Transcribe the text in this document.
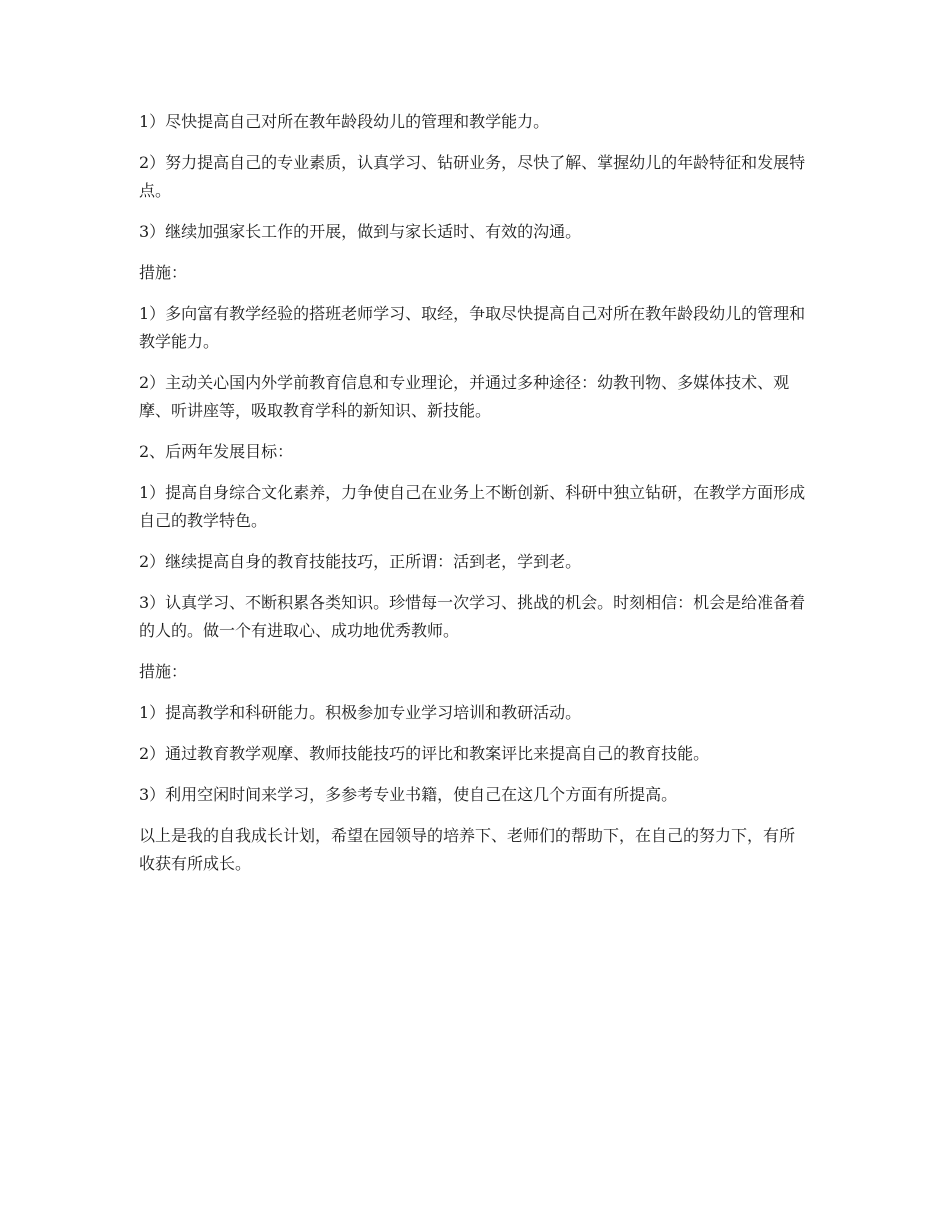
1）尽快提高自己对所在教年龄段幼儿的管理和教学能力。

2）努力提高自己的专业素质，认真学习、钻研业务，尽快了解、掌握幼儿的年龄特征和发展特点。

3）继续加强家长工作的开展，做到与家长适时、有效的沟通。

措施：

1）多向富有教学经验的搭班老师学习、取经，争取尽快提高自己对所在教年龄段幼儿的管理和教学能力。

2）主动关心国内外学前教育信息和专业理论，并通过多种途径：幼教刊物、多媒体技术、观摩、听讲座等，吸取教育学科的新知识、新技能。

2、后两年发展目标：

1）提高自身综合文化素养，力争使自己在业务上不断创新、科研中独立钻研，在教学方面形成自己的教学特色。

2）继续提高自身的教育技能技巧，正所谓：活到老，学到老。

3）认真学习、不断积累各类知识。珍惜每一次学习、挑战的机会。时刻相信：机会是给准备着的人的。做一个有进取心、成功地优秀教师。

措施：

1）提高教学和科研能力。积极参加专业学习培训和教研活动。

2）通过教育教学观摩、教师技能技巧的评比和教案评比来提高自己的教育技能。

3）利用空闲时间来学习，多参考专业书籍，使自己在这几个方面有所提高。

以上是我的自我成长计划，希望在园领导的培养下、老师们的帮助下，在自己的努力下，有所收获有所成长。
